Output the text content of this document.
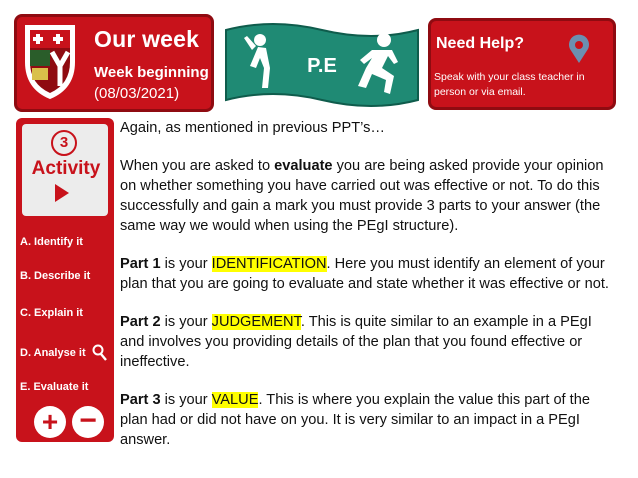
Our week
Week beginning
(08/03/2021)
P.E
Need Help?
Speak with your class teacher in person or via email.
3
Activity
A. Identify it
B. Describe it
C. Explain it
D. Analyse it
E. Evaluate it
+ −

Again, as mentioned in previous PPT’s…

When you are asked to evaluate you are being asked provide your opinion on whether something you have carried out was effective or not. To do this successfully and gain a mark you must provide 3 parts to your answer (the same way we would when using the PEgI structure).

Part 1 is your IDENTIFICATION. Here you must identify an element of your plan that you are going to evaluate and state whether it was effective or not.

Part 2 is your JUDGEMENT. This is quite similar to an example in a PEgI and involves you providing details of the plan that you found effective or ineffective.

Part 3 is your VALUE. This is where you explain the value this part of the plan had or did not have on you. It is very similar to an impact in a PEgI answer.
